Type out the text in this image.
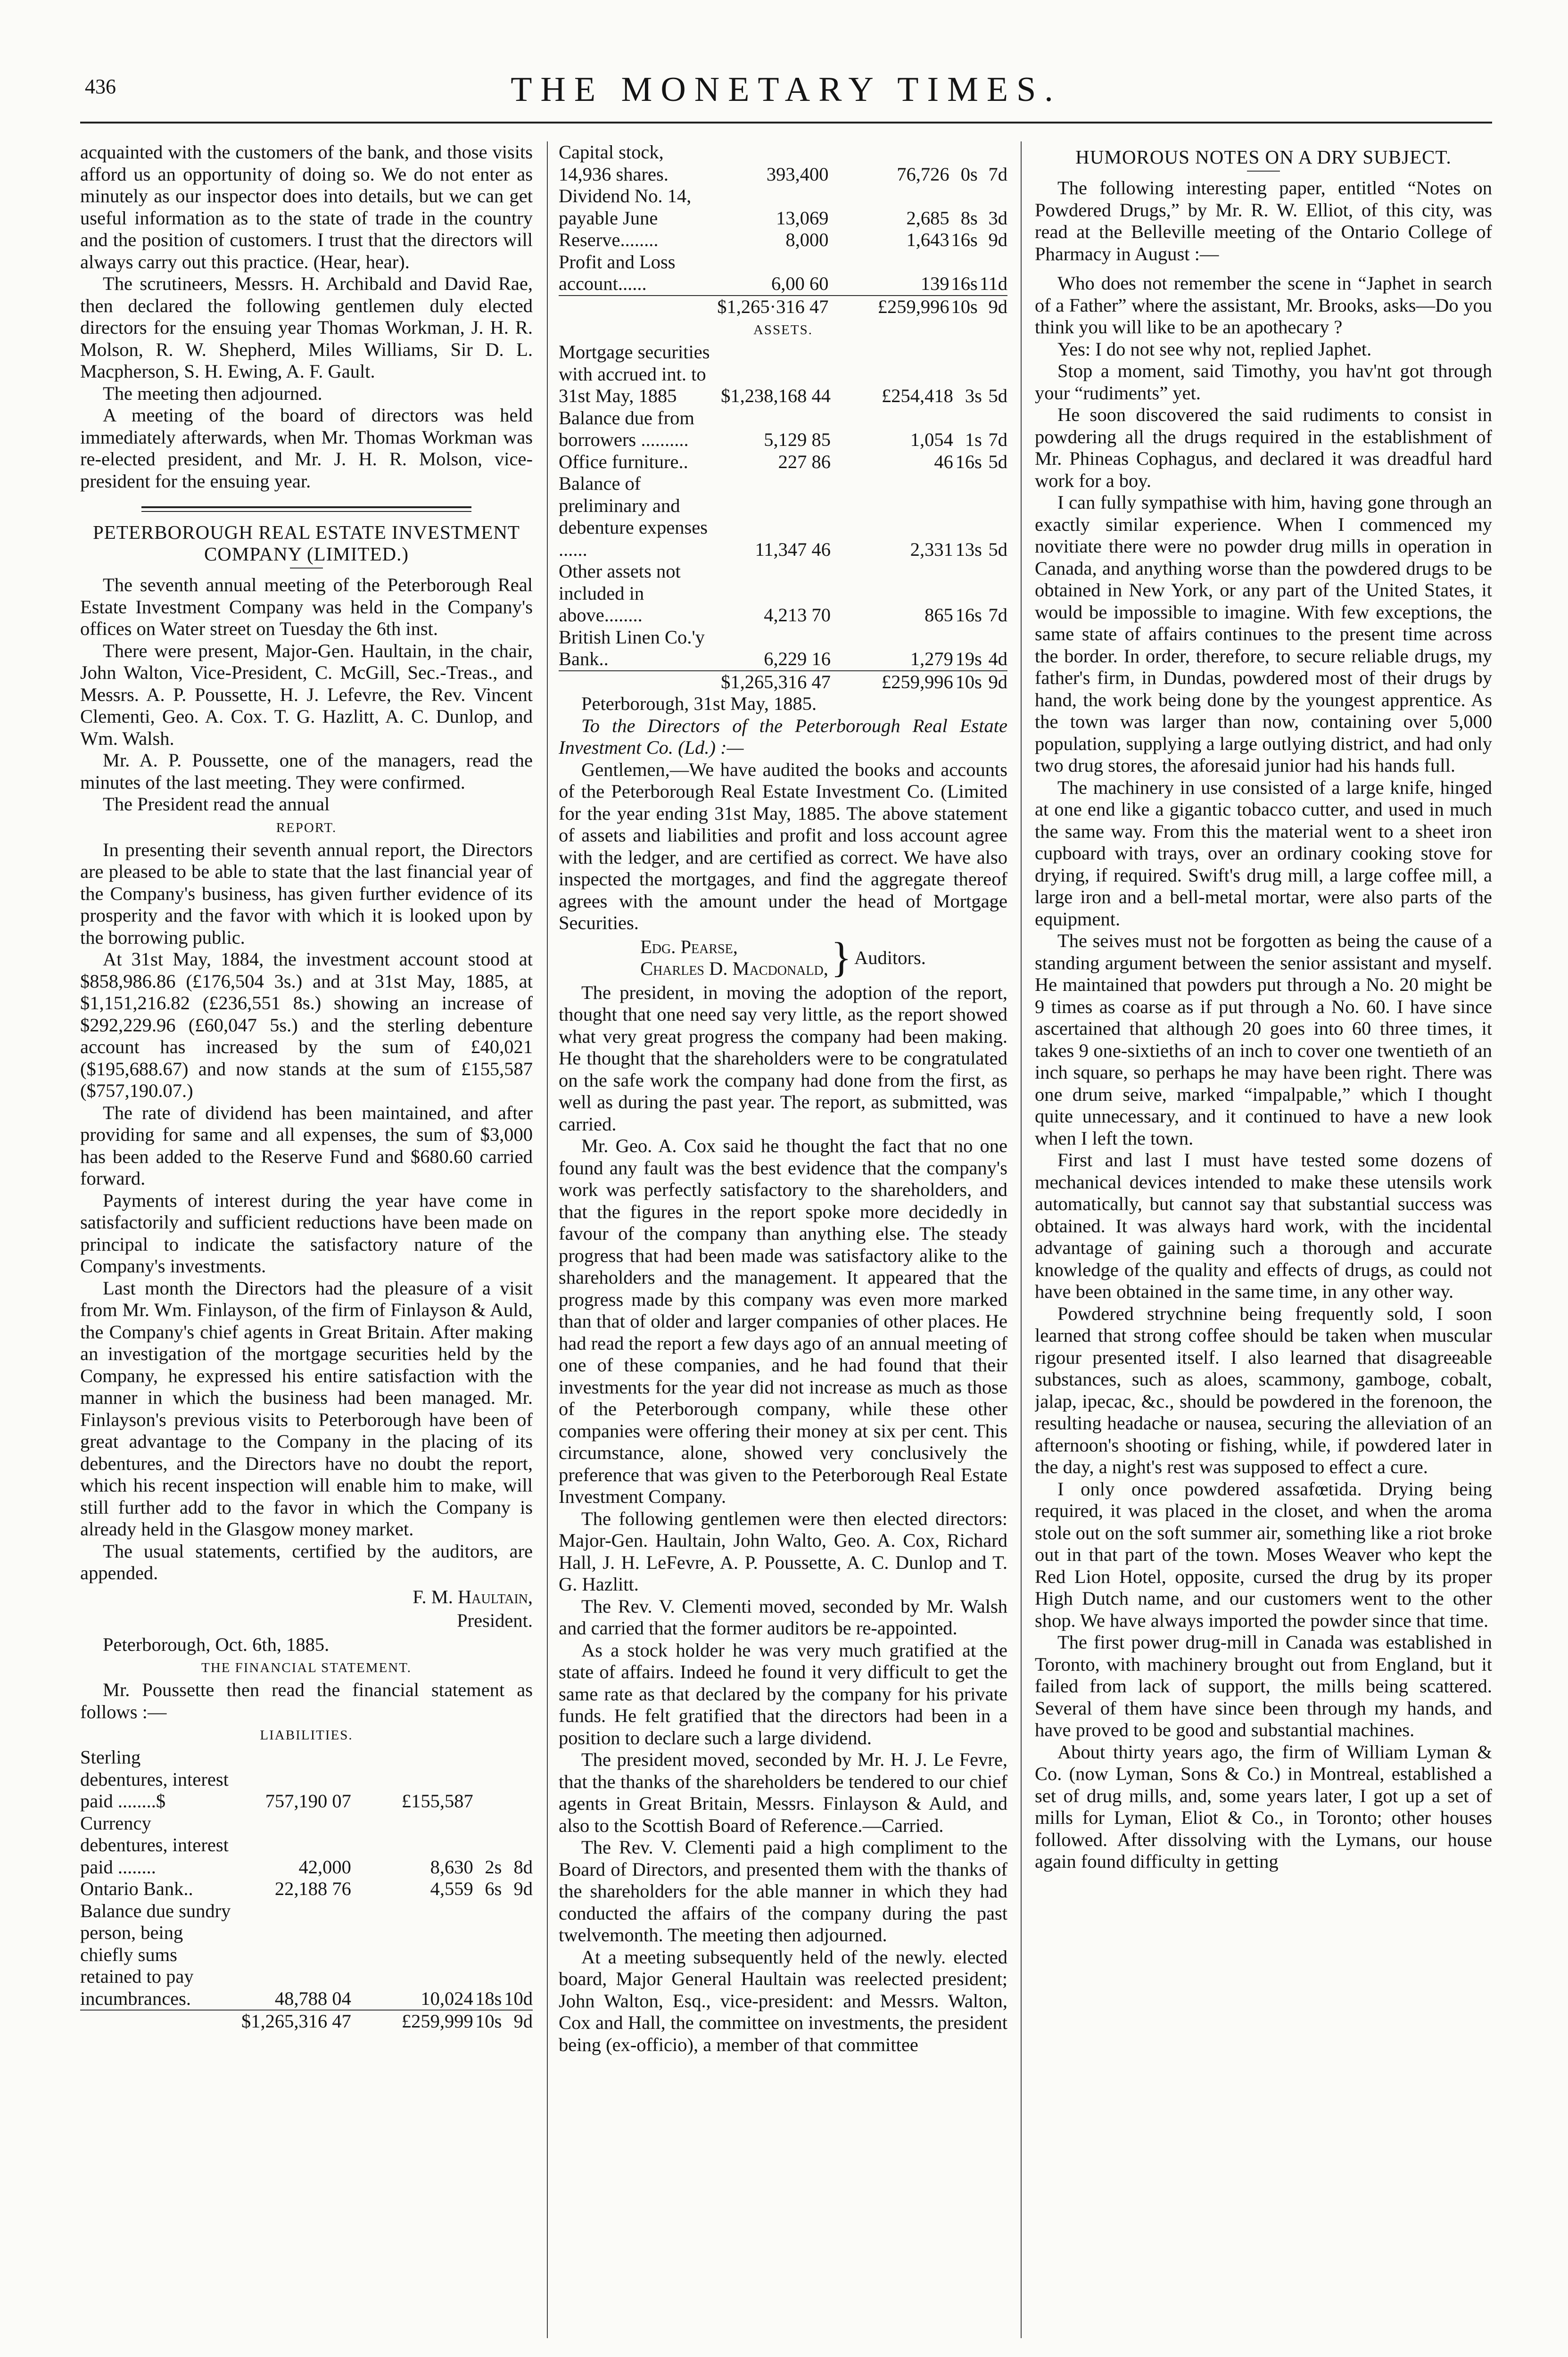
436	THE MONETARY TIMES.

acquainted with the customers of the bank, and those visits afford us an opportunity of doing so. We do not enter as minutely as our inspector does into details, but we can get useful information as to the state of trade in the country and the position of customers. I trust that the directors will always carry out this practice. (Hear, hear).

The scrutineers, Messrs. H. Archibald and David Rae, then declared the following gentlemen duly elected directors for the ensuing year Thomas Workman, J. H. R. Molson, R. W. Shepherd, Miles Williams, Sir D. L. Macpherson, S. H. Ewing, A. F. Gault.

The meeting then adjourned.

A meeting of the board of directors was held immediately afterwards, when Mr. Thomas Workman was re-elected president, and Mr. J. H. R. Molson, vice-president for the ensuing year.

PETERBOROUGH REAL ESTATE INVESTMENT COMPANY (LIMITED.)

The seventh annual meeting of the Peterborough Real Estate Investment Company was held in the Company's offices on Water street on Tuesday the 6th inst.

There were present, Major-Gen. Haultain, in the chair, John Walton, Vice-President, C. McGill, Sec.-Treas., and Messrs. A. P. Poussette, H. J. Lefevre, the Rev. Vincent Clementi, Geo. A. Cox. T. G. Hazlitt, A. C. Dunlop, and Wm. Walsh.

Mr. A. P. Poussette, one of the managers, read the minutes of the last meeting. They were confirmed.

The President read the annual

REPORT.

In presenting their seventh annual report, the Directors are pleased to be able to state that the last financial year of the Company's business, has given further evidence of its prosperity and the favor with which it is looked upon by the borrowing public.

At 31st May, 1884, the investment account stood at $858,986.86 (£176,504 3s.) and at 31st May, 1885, at $1,151,216.82 (£236,551 8s.) showing an increase of $292,229.96 (£60,047 5s.) and the sterling debenture account has increased by the sum of £40,021 ($195,688.67) and now stands at the sum of £155,587 ($757,190.07.)

The rate of dividend has been maintained, and after providing for same and all expenses, the sum of $3,000 has been added to the Reserve Fund and $680.60 carried forward.

Payments of interest during the year have come in satisfactorily and sufficient reductions have been made on principal to indicate the satisfactory nature of the Company's investments.

Last month the Directors had the pleasure of a visit from Mr. Wm. Finlayson, of the firm of Finlayson & Auld, the Company's chief agents in Great Britain. After making an investigation of the mortgage securities held by the Company, he expressed his entire satisfaction with the manner in which the business had been managed. Mr. Finlayson's previous visits to Peterborough have been of great advantage to the Company in the placing of its debentures, and the Directors have no doubt the report, which his recent inspection will enable him to make, will still further add to the favor in which the Company is already held in the Glasgow money market.

The usual statements, certified by the auditors, are appended.

F. M. Haultain,
President.

Peterborough, Oct. 6th, 1885.

THE FINANCIAL STATEMENT.

Mr. Poussette then read the financial statement as follows :—

LIABILITIES.
Sterling debentures, interest paid ........$	757,190 07	£155,587		
Currency debentures, interest paid ........	42,000	8,630	2s	8d
Ontario Bank..	22,188 76	4,559	6s	9d
Balance due sundry person, being chiefly sums retained to pay incumbrances.	48,788 04	10,024	18s	10d
	$1,265,316 47	£259,999	10s	9d
Capital stock, 14,936 shares.	393,400	76,726	0s	7d
Dividend No. 14, payable June	13,069	2,685	8s	3d
Reserve........	8,000	1,643	16s	9d
Profit and Loss account......	6,00 60	139	16s	11d
	$1,265·316 47	£259,996	10s	9d
ASSETS.
Mortgage securities with accrued int. to 31st May, 1885	$1,238,168 44	£254,418	3s	5d
Balance due from borrowers ..........	5,129 85	1,054	1s	7d
Office furniture..	227 86	46	16s	5d
Balance of preliminary and debenture expenses ......	11,347 46	2,331	13s	5d
Other assets not included in above........	4,213 70	865	16s	7d
British Linen Co.'y Bank..	6,229 16	1,279	19s	4d
	$1,265,316 47	£259,996	10s	9d

Peterborough, 31st May, 1885.

To the Directors of the Peterborough Real Estate Investment Co. (Ld.) :—

Gentlemen,—We have audited the books and accounts of the Peterborough Real Estate Investment Co. (Limited for the year ending 31st May, 1885. The above statement of assets and liabilities and profit and loss account agree with the ledger, and are certified as correct. We have also inspected the mortgages, and find the aggregate thereof agrees with the amount under the head of Mortgage Securities.

Edg. Pearse,
Charles D. Macdonald, } Auditors.

The president, in moving the adoption of the report, thought that one need say very little, as the report showed what very great progress the company had been making. He thought that the shareholders were to be congratulated on the safe work the company had done from the first, as well as during the past year. The report, as submitted, was carried.

Mr. Geo. A. Cox said he thought the fact that no one found any fault was the best evidence that the company's work was perfectly satisfactory to the shareholders, and that the figures in the report spoke more decidedly in favour of the company than anything else. The steady progress that had been made was satisfactory alike to the shareholders and the management. It appeared that the progress made by this company was even more marked than that of older and larger companies of other places. He had read the report a few days ago of an annual meeting of one of these companies, and he had found that their investments for the year did not increase as much as those of the Peterborough company, while these other companies were offering their money at six per cent. This circumstance, alone, showed very conclusively the preference that was given to the Peterborough Real Estate Investment Company.

The following gentlemen were then elected directors: Major-Gen. Haultain, John Walto, Geo. A. Cox, Richard Hall, J. H. LeFevre, A. P. Poussette, A. C. Dunlop and T. G. Hazlitt.

The Rev. V. Clementi moved, seconded by Mr. Walsh and carried that the former auditors be re-appointed.

As a stock holder he was very much gratified at the state of affairs. Indeed he found it very difficult to get the same rate as that declared by the company for his private funds. He felt gratified that the directors had been in a position to declare such a large dividend.

The president moved, seconded by Mr. H. J. Le Fevre, that the thanks of the shareholders be tendered to our chief agents in Great Britain, Messrs. Finlayson & Auld, and also to the Scottish Board of Reference.—Carried.

The Rev. V. Clementi paid a high compliment to the Board of Directors, and presented them with the thanks of the shareholders for the able manner in which they had conducted the affairs of the company during the past twelvemonth. The meeting then adjourned.

At a meeting subsequently held of the newly. elected board, Major General Haultain was reelected president; John Walton, Esq., vice-president: and Messrs. Walton, Cox and Hall, the committee on investments, the president being (ex-officio), a member of that committee

HUMOROUS NOTES ON A DRY SUBJECT.

The following interesting paper, entitled “Notes on Powdered Drugs,” by Mr. R. W. Elliot, of this city, was read at the Belleville meeting of the Ontario College of Pharmacy in August :—

Who does not remember the scene in “Japhet in search of a Father” where the assistant, Mr. Brooks, asks—Do you think you will like to be an apothecary ?

Yes: I do not see why not, replied Japhet.

Stop a moment, said Timothy, you hav'nt got through your “rudiments” yet.

He soon discovered the said rudiments to consist in powdering all the drugs required in the establishment of Mr. Phineas Cophagus, and declared it was dreadful hard work for a boy.

I can fully sympathise with him, having gone through an exactly similar experience. When I commenced my novitiate there were no powder drug mills in operation in Canada, and anything worse than the powdered drugs to be obtained in New York, or any part of the United States, it would be impossible to imagine. With few exceptions, the same state of affairs continues to the present time across the border. In order, therefore, to secure reliable drugs, my father's firm, in Dundas, powdered most of their drugs by hand, the work being done by the youngest apprentice. As the town was larger than now, containing over 5,000 population, supplying a large outlying district, and had only two drug stores, the aforesaid junior had his hands full.

The machinery in use consisted of a large knife, hinged at one end like a gigantic tobacco cutter, and used in much the same way. From this the material went to a sheet iron cupboard with trays, over an ordinary cooking stove for drying, if required. Swift's drug mill, a large coffee mill, a large iron and a bell-metal mortar, were also parts of the equipment.

The seives must not be forgotten as being the cause of a standing argument between the senior assistant and myself. He maintained that powders put through a No. 20 might be 9 times as coarse as if put through a No. 60. I have since ascertained that although 20 goes into 60 three times, it takes 9 one-sixtieths of an inch to cover one twentieth of an inch square, so perhaps he may have been right. There was one drum seive, marked “impalpable,” which I thought quite unnecessary, and it continued to have a new look when I left the town.

First and last I must have tested some dozens of mechanical devices intended to make these utensils work automatically, but cannot say that substantial success was obtained. It was always hard work, with the incidental advantage of gaining such a thorough and accurate knowledge of the quality and effects of drugs, as could not have been obtained in the same time, in any other way.

Powdered strychnine being frequently sold, I soon learned that strong coffee should be taken when muscular rigour presented itself. I also learned that disagreeable substances, such as aloes, scammony, gamboge, cobalt, jalap, ipecac, &c., should be powdered in the forenoon, the resulting headache or nausea, securing the alleviation of an afternoon's shooting or fishing, while, if powdered later in the day, a night's rest was supposed to effect a cure.

I only once powdered assafœtida. Drying being required, it was placed in the closet, and when the aroma stole out on the soft summer air, something like a riot broke out in that part of the town. Moses Weaver who kept the Red Lion Hotel, opposite, cursed the drug by its proper High Dutch name, and our customers went to the other shop. We have always imported the powder since that time.

The first power drug-mill in Canada was established in Toronto, with machinery brought out from England, but it failed from lack of support, the mills being scattered. Several of them have since been through my hands, and have proved to be good and substantial machines.

About thirty years ago, the firm of William Lyman & Co. (now Lyman, Sons & Co.) in Montreal, established a set of drug mills, and, some years later, I got up a set of mills for Lyman, Eliot & Co., in Toronto; other houses followed. After dissolving with the Lymans, our house again found difficulty in getting
